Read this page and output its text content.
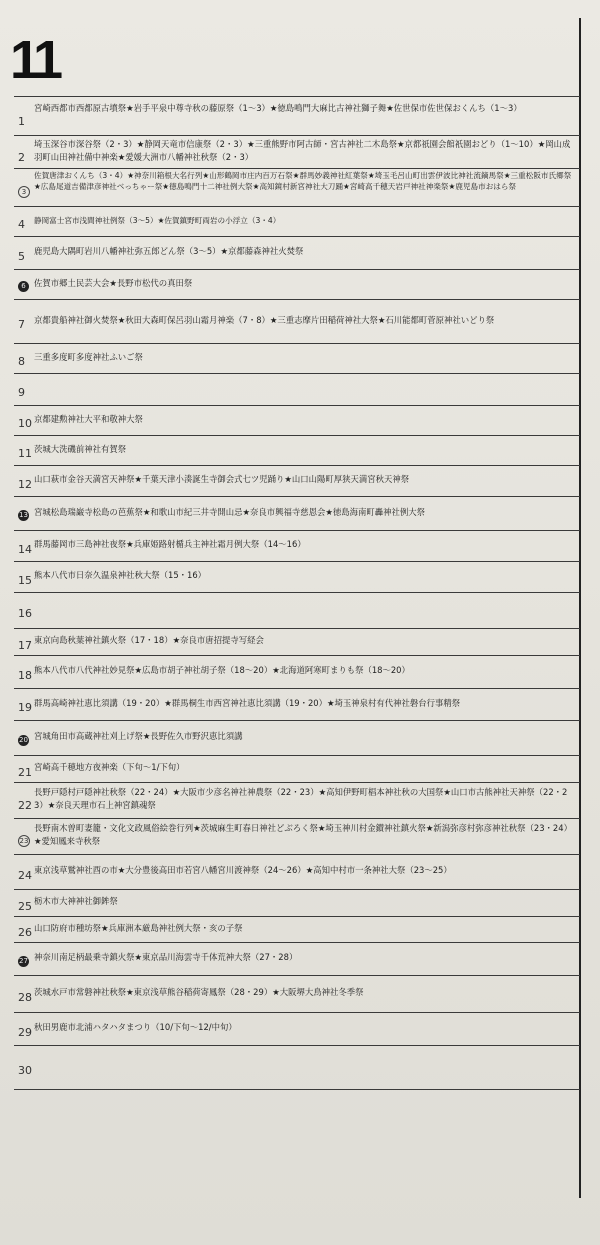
11
1
宮崎西都市西都原古墳祭★岩手平泉中尊寺秋の藤原祭（1～3）★徳島鳴門大麻比古神社獅子舞★佐世保市佐世保おくんち（1～3）
2
埼玉深谷市深谷祭（2・3）★静岡天竜市信康祭（2・3）★三重熊野市阿古師・宮古神社二木島祭★京都祇園会館祇園おどり（1～10）★岡山成羽町山田神社備中神楽★愛媛大洲市八幡神社秋祭（2・3）
3
佐賀唐津おくんち（3・4）★神奈川箱根大名行列★山形鶴岡市庄内百万石祭★群馬妙義神社紅葉祭★埼玉毛呂山町出雲伊波比神社流鏑馬祭★三重松阪市氏郷祭★広島尾道吉備津彦神社べっちゃー祭★徳島鳴門十二神社例大祭★高知鏡村新宮神社大刀踊★宮崎高千穂天岩戸神社神楽祭★鹿児島市おはら祭
4 静岡富士宮市浅間神社例祭（3～5）★佐賀鎮野町両岩の小浮立（3・4）
5 鹿児島大隅町岩川八幡神社弥五郎どん祭（3～5）★京都藤森神社火焚祭
6 佐賀市郷土民芸大会★長野市松代の真田祭
7 京都貴船神社御火焚祭★秋田大森町保呂羽山霜月神楽（7・8）★三重志摩片田稲荷神社大祭★石川能都町菅原神社いどり祭
8 三重多度町多度神社ふいご祭
9
10 京都建勲神社大平和敬神大祭
11 茨城大洗磯前神社有賀祭
12 山口萩市金谷天満宮天神祭★千葉天津小湊誕生寺御会式七ツ児踊り★山口山陽町厚狭天満宮秋天神祭
13 宮城松島瑞巌寺松島の芭蕉祭★和歌山市紀三井寺開山忌★奈良市興福寺慈恩会★徳島海南町轟神社例大祭
14 群馬藤岡市三島神社夜祭★兵庫姫路射楯兵主神社霜月例大祭（14～16）
15 熊本八代市日奈久温泉神社秋大祭（15・16）
16
17 東京向島秋葉神社鎮火祭（17・18）★奈良市唐招提寺写経会
18 熊本八代市八代神社妙見祭★広島市胡子神社胡子祭（18～20）★北海道阿寒町まりも祭（18～20）
19 群馬高崎神社恵比須講（19・20）★群馬桐生市西宮神社恵比須講（19・20）★埼玉神泉村有代神社磐台行事精祭
20 宮城角田市高蔵神社刈上げ祭★長野佐久市野沢恵比須講
21 宮崎高千穂地方夜神楽（下旬～1/下旬）
22
長野戸隠村戸隠神社秋祭（22・24）★大阪市少彦名神社神農祭（22・23）★高知伊野町椙本神社秋の大国祭★山口市古熊神社天神祭（22・23）★奈良天理市石上神宮鎮魂祭
23
長野南木曽町妻籠・文化文政風俗絵巻行列★茨城麻生町春日神社どぶろく祭★埼玉神川村金鑚神社鎮火祭★新潟弥彦村弥彦神社秋祭（23・24）★愛知鳳来寺秋祭
24 東京浅草鷲神社酉の市★大分豊後高田市若宮八幡宮川渡神祭（24～26）★高知中村市一条神社大祭（23～25）
25 栃木市大神神社御鉾祭
26 山口防府市種坊祭★兵庫洲本厳島神社例大祭・亥の子祭
27 神奈川南足柄最乗寺鎮火祭★東京品川海雲寺千体荒神大祭（27・28）
28 茨城水戸市常磐神社秋祭★東京浅草熊谷稲荷寄鳳祭（28・29）★大阪堺大鳥神社冬季祭
29 秋田男鹿市北浦ハタハタまつり（10/下旬～12/中旬）
30
